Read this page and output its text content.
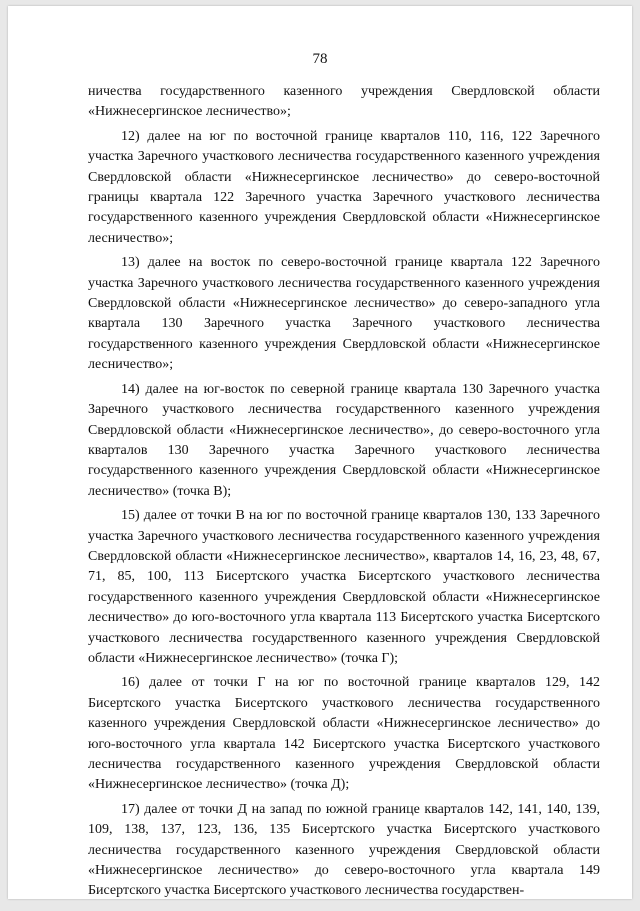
78

ничества государственного казенного учреждения Свердловской области «Нижнесергинское лесничество»;

12) далее на юг по восточной границе кварталов 110, 116, 122 Заречного участка Заречного участкового лесничества государственного казенного учреждения Свердловской области «Нижнесергинское лесничество» до северо-восточной границы квартала 122 Заречного участка Заречного участкового лесничества государственного казенного учреждения Свердловской области «Нижнесергинское лесничество»;

13) далее на восток по северо-восточной границе квартала 122 Заречного участка Заречного участкового лесничества государственного казенного учреждения Свердловской области «Нижнесергинское лесничество» до северо-западного угла квартала 130 Заречного участка Заречного участкового лесничества государственного казенного учреждения Свердловской области «Нижнесергинское лесничество»;

14) далее на юг-восток по северной границе квартала 130 Заречного участка Заречного участкового лесничества государственного казенного учреждения Свердловской области «Нижнесергинское лесничество», до северо-восточного угла кварталов 130 Заречного участка Заречного участкового лесничества государственного казенного учреждения Свердловской области «Нижнесергинское лесничество» (точка В);

15) далее от точки В на юг по восточной границе кварталов 130, 133 Заречного участка Заречного участкового лесничества государственного казенного учреждения Свердловской области «Нижнесергинское лесничество», кварталов 14, 16, 23, 48, 67, 71, 85, 100, 113 Бисертского участка Бисертского участкового лесничества государственного казенного учреждения Свердловской области «Нижнесергинское лесничество» до юго-восточного угла квартала 113 Бисертского участка Бисертского участкового лесничества государственного казенного учреждения Свердловской области «Нижнесергинское лесничество» (точка Г);

16) далее от точки Г на юг по восточной границе кварталов 129, 142 Бисертского участка Бисертского участкового лесничества государственного казенного учреждения Свердловской области «Нижнесергинское лесничество» до юго-восточного угла квартала 142 Бисертского участка Бисертского участкового лесничества государственного казенного учреждения Свердловской области «Нижнесергинское лесничество» (точка Д);

17) далее от точки Д на запад по южной границе кварталов 142, 141, 140, 139, 109, 138, 137, 123, 136, 135 Бисертского участка Бисертского участкового лесничества государственного казенного учреждения Свердловской области «Нижнесергинское лесничество» до северо-восточного угла квартала 149 Бисертского участка Бисертского участкового лесничества государствен-
